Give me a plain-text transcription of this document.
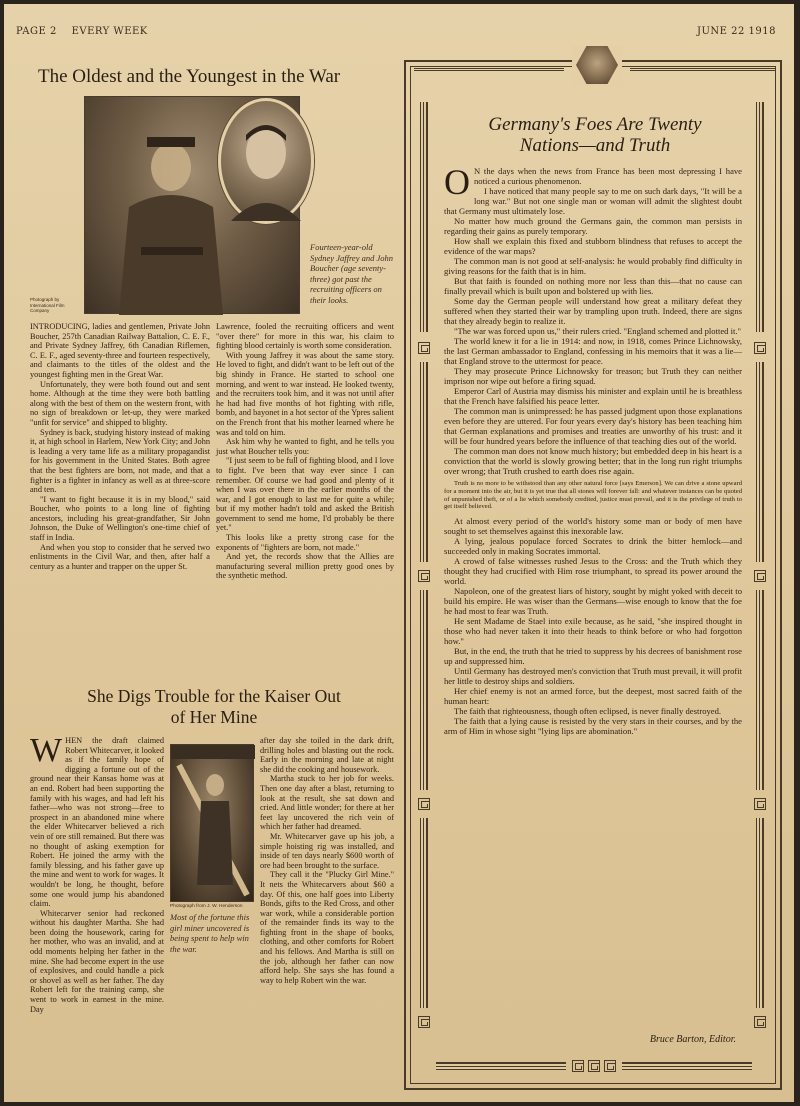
PAGE 2 EVERY WEEK	JUNE 22 1918
The Oldest and the Youngest in the War
Photograph by International Film Company
Fourteen-year-old Sydney Jaffrey and John Boucher (age seventy-three) got past the recruiting officers on their looks.

INTRODUCING, ladies and gentlemen, Private John Boucher, 257th Canadian Railway Battalion, C. E. F., and Private Sydney Jaffrey, 6th Canadian Riflemen, C. E. F., aged seventy-three and fourteen respectively, and claimants to the titles of the oldest and the youngest fighting men in the Great War.

Unfortunately, they were both found out and sent home. Although at the time they were both battling along with the best of them on the western front, with no sign of breakdown or let-up, they were marked "unfit for service" and shipped to blighty.

Sydney is back, studying history instead of making it, at high school in Harlem, New York City; and John is leading a very tame life as a military propagandist for his government in the United States. Both agree that the best fighters are born, not made, and that a fighter is a fighter in infancy as well as at three-score and ten.

"I want to fight because it is in my blood," said Boucher, who points to a long line of fighting ancestors, including his great-grandfather, Sir John Johnson, the Duke of Wellington's one-time chief of staff in India.

And when you stop to consider that he served two enlistments in the Civil War, and then, after half a century as a hunter and trapper on the upper St.

Lawrence, fooled the recruiting officers and went "over there" for more in this war, his claim to fighting blood certainly is worth some consideration.

With young Jaffrey it was about the same story. He loved to fight, and didn't want to be left out of the big shindy in France. He started to school one morning, and went to war instead. He looked twenty, and the recruiters took him, and it was not until after he had had five months of hot fighting with rifle, bomb, and bayonet in a hot sector of the Ypres salient on the French front that his mother learned where he was and told on him.

Ask him why he wanted to fight, and he tells you just what Boucher tells you:

"I just seem to be full of fighting blood, and I love to fight. I've been that way ever since I can remember. Of course we had good and plenty of it when I was over there in the earlier months of the war, and I got enough to last me for quite a while; but if my mother hadn't told and asked the British government to send me home, I'd probably be there yet."

This looks like a pretty strong case for the exponents of "fighters are born, not made."

And yet, the records show that the Allies are manufacturing several million pretty good ones by the synthetic method.

She Digs Trouble for the Kaiser Out
of Her Mine

WHEN the draft claimed Robert Whitecarver, it looked as if the family hope of digging a fortune out of the ground near their Kansas home was at an end. Robert had been supporting the family with his wages, and had left his father—who was not strong—free to prospect in an abandoned mine where the elder Whitecarver believed a rich vein of ore still remained. But there was no thought of asking exemption for Robert. He joined the army with the family blessing, and his father gave up the mine and went to work for wages. It wouldn't be long, he thought, before some one would jump his abandoned claim.

Whitecarver senior had reckoned without his daughter Martha. She had been doing the housework, caring for her mother, who was an invalid, and at odd moments helping her father in the mine. She had become expert in the use of explosives, and could handle a pick or shovel as well as her father. The day Robert left for the training camp, she went to work in earnest in the mine. Day

Photograph from J. W. Henderson
Most of the fortune this girl miner uncovered is being spent to help win the war.

after day she toiled in the dark drift, drilling holes and blasting out the rock. Early in the morning and late at night she did the cooking and housework.

Martha stuck to her job for weeks. Then one day after a blast, returning to look at the result, she sat down and cried. And little wonder; for there at her feet lay uncovered the rich vein of which her father had dreamed.

Mr. Whitecarver gave up his job, a simple hoisting rig was installed, and inside of ten days nearly $600 worth of ore had been brought to the surface.

They call it the "Plucky Girl Mine." It nets the Whitecarvers about $60 a day. Of this, one half goes into Liberty Bonds, gifts to the Red Cross, and other war work, while a considerable portion of the remainder finds its way to the fighting front in the shape of books, clothing, and other comforts for Robert and his fellows. And Martha is still on the job, although her father can now afford help. She says she has found a way to help Robert win the war.

Germany's Foes Are Twenty
Nations—and Truth

O N the days when the news from France has been most depressing I have noticed a curious phenomenon.

I have noticed that many people say to me on such dark days, "It will be a long war." But not one single man or woman will admit the slightest doubt that Germany must ultimately lose.

No matter how much ground the Germans gain, the common man persists in regarding their gains as purely temporary.

How shall we explain this fixed and stubborn blindness that refuses to accept the evidence of the war maps?

The common man is not good at self-analysis: he would probably find difficulty in giving reasons for the faith that is in him.

But that faith is founded on nothing more nor less than this—that no cause can finally prevail which is built upon and bolstered up with lies.

Some day the German people will understand how great a military defeat they suffered when they started their war by trampling upon truth. Indeed, there are signs that they already begin to realize it.

"The war was forced upon us," their rulers cried. "England schemed and plotted it."

The world knew it for a lie in 1914: and now, in 1918, comes Prince Lichnowsky, the last German ambassador to England, confessing in his memoirs that it was a lie—that England strove to the uttermost for peace.

They may prosecute Prince Lichnowsky for treason; but Truth they can neither imprison nor wipe out before a firing squad.

Emperor Carl of Austria may dismiss his minister and explain until he is breathless that the French have falsified his peace letter.

The common man is unimpressed: he has passed judgment upon those explanations even before they are uttered. For four years every day's history has been teaching him that German explanations and promises and treaties are unworthy of his trust: and it will be four hundred years before the influence of that teaching dies out of the world.

The common man does not know much history; but embedded deep in his heart is a conviction that the world is slowly growing better; that in the long run right triumphs over wrong; that Truth crushed to earth does rise again.

Truth is no more to be withstood than any other natural force [says Emerson]. We can drive a stone upward for a moment into the air, but it is yet true that all stones will forever fall: and whatever instances can be quoted of unpunished theft, or of a lie which somebody credited, justice must prevail, and it is the privilege of truth to get itself believed.

At almost every period of the world's history some man or body of men have sought to set themselves against this inexorable law.

A lying, jealous populace forced Socrates to drink the bitter hemlock—and succeeded only in making Socrates immortal.

A crowd of false witnesses rushed Jesus to the Cross: and the Truth which they thought they had crucified with Him rose triumphant, to spread its power around the world.

Napoleon, one of the greatest liars of history, sought by might yoked with deceit to build his empire. He was wiser than the Germans—wise enough to know that the foe he had most to fear was Truth.

He sent Madame de Stael into exile because, as he said, "she inspired thought in those who had never taken it into their heads to think before or who had forgotton how."

But, in the end, the truth that he tried to suppress by his decrees of banishment rose up and suppressed him.

Until Germany has destroyed men's conviction that Truth must prevail, it will profit her little to destroy ships and soldiers.

Her chief enemy is not an armed force, but the deepest, most sacred faith of the human heart:

The faith that righteousness, though often eclipsed, is never finally destroyed.

The faith that a lying cause is resisted by the very stars in their courses, and by the arm of Him in whose sight "lying lips are abomination."

Bruce Barton, Editor.
